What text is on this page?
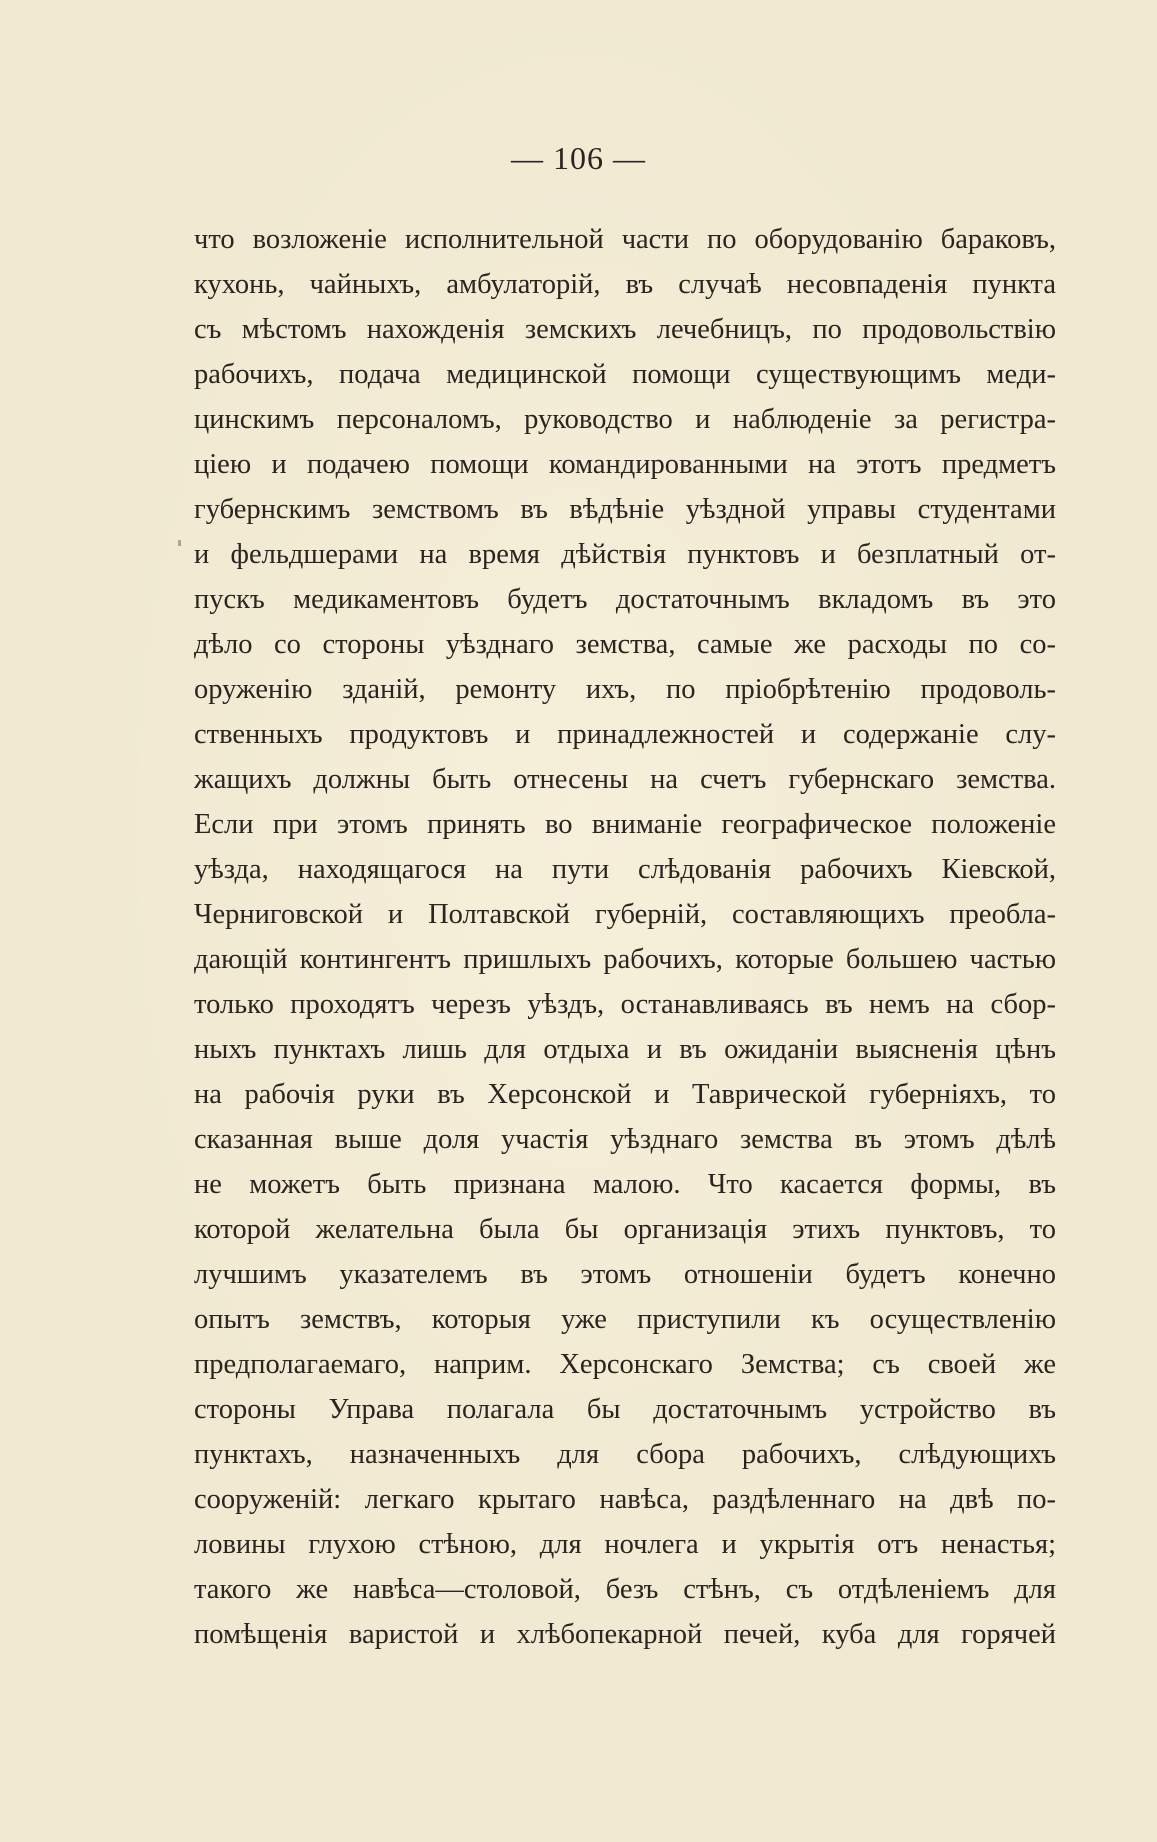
— 106 —
что возложеніе исполнительной части по оборудованію бараковъ,
кухонь, чайныхъ, амбулаторій, въ случаѣ несовпаденія пункта
съ мѣстомъ нахожденія земскихъ лечебницъ, по продовольствію
рабочихъ, подача медицинской помощи существующимъ меди-
цинскимъ персоналомъ, руководство и наблюденіе за регистра-
ціею и подачею помощи командированными на этотъ предметъ
губернскимъ земствомъ въ вѣдѣніе уѣздной управы студентами
и фельдшерами на время дѣйствія пунктовъ и безплатный от-
пускъ медикаментовъ будетъ достаточнымъ вкладомъ въ это
дѣло со стороны уѣзднаго земства, самые же расходы по со-
оруженію зданій, ремонту ихъ, по пріобрѣтенію продоволь-
ственныхъ продуктовъ и принадлежностей и содержаніе слу-
жащихъ должны быть отнесены на счетъ губернскаго земства.
Если при этомъ принять во вниманіе географическое положеніе
уѣзда, находящагося на пути слѣдованія рабочихъ Кіевской,
Черниговской и Полтавской губерній, составляющихъ преобла-
дающій контингентъ пришлыхъ рабочихъ, которые большею частью
только проходятъ черезъ уѣздъ, останавливаясь въ немъ на сбор-
ныхъ пунктахъ лишь для отдыха и въ ожиданіи выясненія цѣнъ
на рабочія руки въ Херсонской и Таврической губерніяхъ, то
сказанная выше доля участія уѣзднаго земства въ этомъ дѣлѣ
не можетъ быть признана малою. Что касается формы, въ
которой желательна была бы организація этихъ пунктовъ, то
лучшимъ указателемъ въ этомъ отношеніи будетъ конечно
опытъ земствъ, которыя уже приступили къ осуществленію
предполагаемаго, наприм. Херсонскаго Земства; съ своей же
стороны Управа полагала бы достаточнымъ устройство въ
пунктахъ, назначенныхъ для сбора рабочихъ, слѣдующихъ
сооруженій: легкаго крытаго навѣса, раздѣленнаго на двѣ по-
ловины глухою стѣною, для ночлега и укрытія отъ ненастья;
такого же навѣса—столовой, безъ стѣнъ, съ отдѣленіемъ для
помѣщенія варистой и хлѣбопекарной печей, куба для горячей
